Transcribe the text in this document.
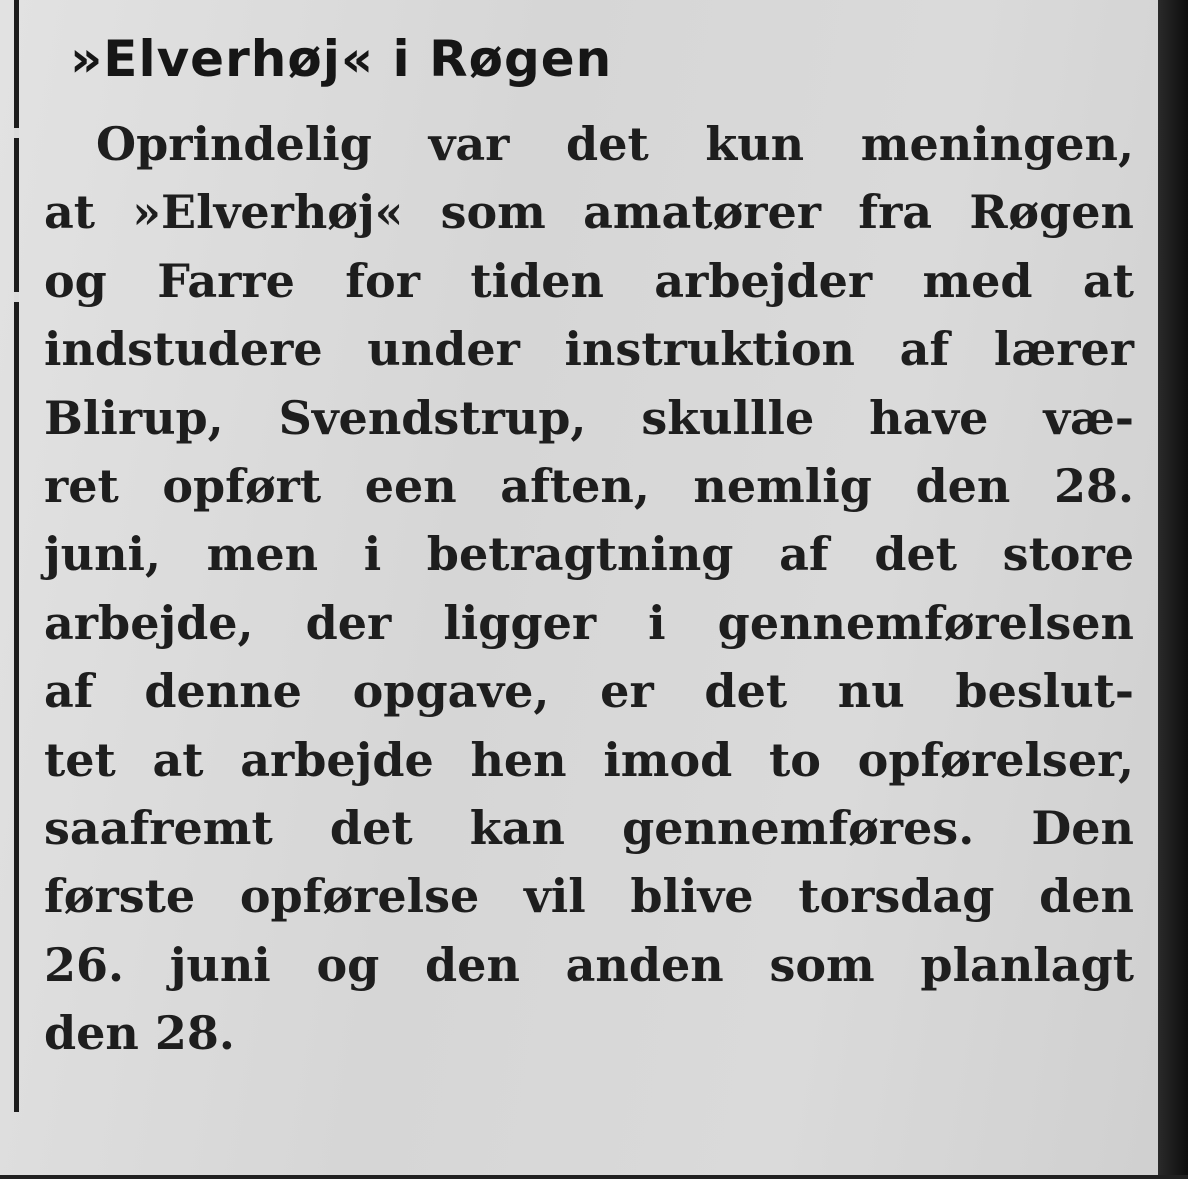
»Elverhøj« i Røgen
Oprindelig var det kun meningen,
at »Elverhøj« som amatører fra Røgen
og Farre for tiden arbejder med at
indstudere under instruktion af lærer
Blirup, Svendstrup, skullle have væ-
ret opført een aften, nemlig den 28.
juni, men i betragtning af det store
arbejde, der ligger i gennemførelsen
af denne opgave, er det nu beslut-
tet at arbejde hen imod to opførelser,
saafremt det kan gennemføres. Den
første opførelse vil blive torsdag den
26. juni og den anden som planlagt
den 28.
